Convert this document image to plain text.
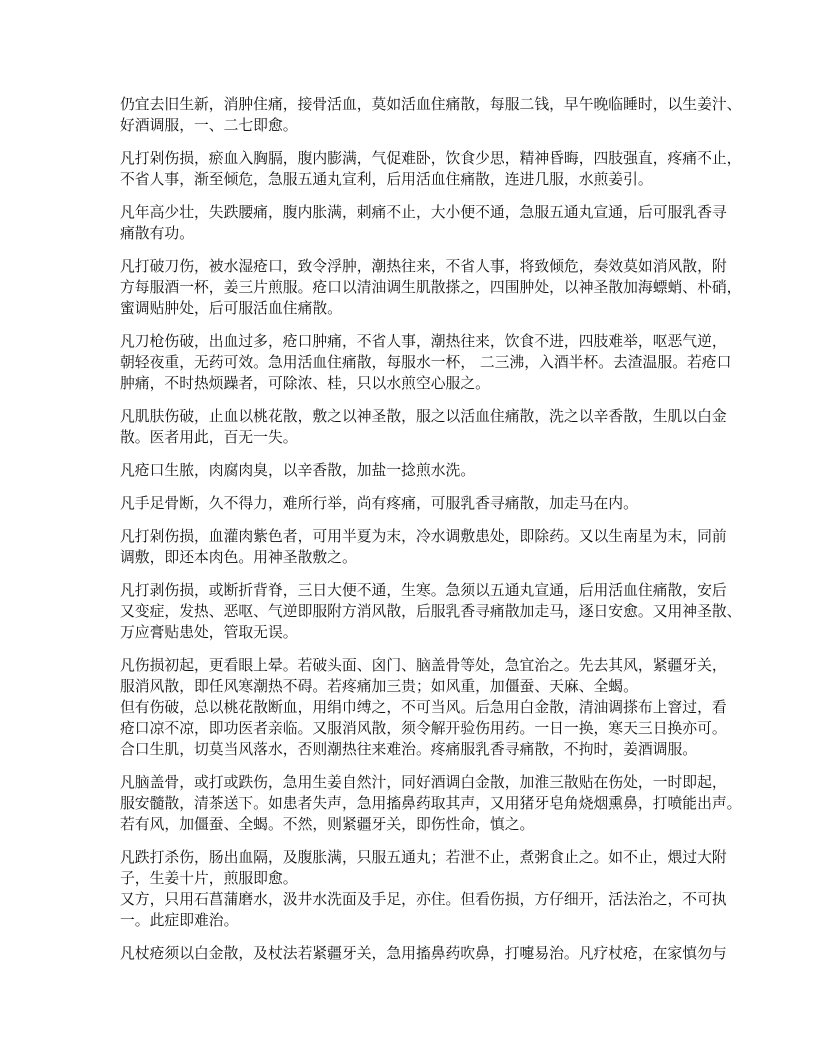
仍宜去旧生新，消肿住痛，接骨活血，莫如活血住痛散，每服二钱，早午晚临睡时，以生姜汁、
好酒调服，一、二七即愈。
凡打剁伤损，瘀血入胸膈，腹内膨满，气促难卧，饮食少思，精神昏晦，四肢强直，疼痛不止，
不省人事，渐至倾危，急服五通丸宣利，后用活血住痛散，连进几服，水煎姜引。
凡年高少壮，失跌腰痛，腹内胀满，刺痛不止，大小便不通，急服五通丸宣通，后可服乳香寻
痛散有功。
凡打破刀伤，被水湿疮口，致令浮肿，潮热往来，不省人事，将致倾危，奏效莫如消风散，附
方每服酒一杯，姜三片煎服。疮口以清油调生肌散搽之，四围肿处，以神圣散加海螵蛸、朴硝，
蜜调贴肿处，后可服活血住痛散。
凡刀枪伤破，出血过多，疮口肿痛，不省人事，潮热往来，饮食不进，四肢难举，呕恶气逆，
朝轻夜重，无药可效。急用活血住痛散，每服水一杯， 二三沸，入酒半杯。去渣温服。若疮口
肿痛，不时热烦躁者，可除浓、桂，只以水煎空心服之。
凡肌肤伤破，止血以桃花散，敷之以神圣散，服之以活血住痛散，洗之以辛香散，生肌以白金
散。医者用此，百无一失。
凡疮口生脓，肉腐肉臭，以辛香散，加盐一捻煎水洗。
凡手足骨断，久不得力，难所行举，尚有疼痛，可服乳香寻痛散，加走马在内。
凡打剁伤损，血灌肉紫色者，可用半夏为末，冷水调敷患处，即除药。又以生南星为末，同前
调敷，即还本肉色。用神圣散敷之。
凡打剥伤损，或断折背脊，三日大便不通，生寒。急须以五通丸宣通，后用活血住痛散，安后
又变症，发热、恶呕、气逆即服附方消风散，后服乳香寻痛散加走马，逐日安愈。又用神圣散、
万应膏贴患处，管取无误。
凡伤损初起，更看眼上晕。若破头面、囟门、脑盖骨等处，急宜治之。先去其风，紧疆牙关，
服消风散，即任风寒潮热不碍。若疼痛加三贵；如风重，加僵蚕、天麻、全蝎。
但有伤破，总以桃花散断血，用绢巾缚之，不可当风。后急用白金散，清油调搽布上窨过，看
疮口凉不凉，即功医者亲临。又服消风散，须令解开验伤用药。一日一换，寒天三日换亦可。
合口生肌，切莫当风落水，否则潮热往来难治。疼痛服乳香寻痛散，不拘时，姜酒调服。
凡脑盖骨，或打或跌伤，急用生姜自然汁，同好酒调白金散，加淮三散贴在伤处，一时即起，
服安髓散，清茶送下。如患者失声，急用搐鼻药取其声，又用猪牙皂角烧烟熏鼻，打喷能出声。
若有风，加僵蚕、全蝎。不然，则紧疆牙关，即伤性命，慎之。
凡跌打杀伤，肠出血隔，及腹胀满，只服五通丸；若泄不止，煮粥食止之。如不止，煨过大附
子，生姜十片，煎服即愈。
又方，只用石菖蒲磨水，汲井水洗面及手足，亦住。但看伤损，方仔细开，活法治之，不可执
一。此症即难治。
凡杖疮须以白金散，及杖法若紧疆牙关，急用搐鼻药吹鼻，打嚏易治。凡疗杖疮，在家慎勿与
